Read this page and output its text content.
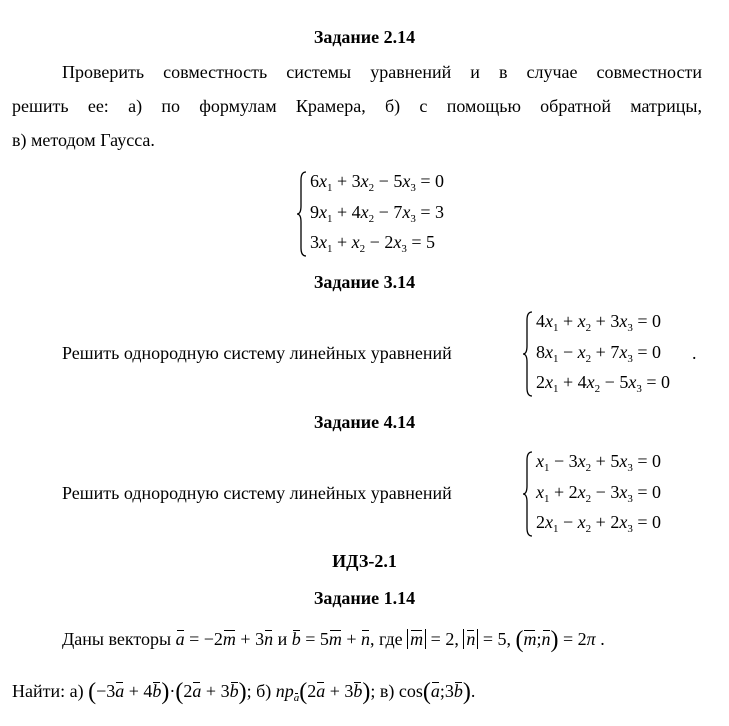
Задание 2.14
Проверить совместность системы уравнений и в случае совместности
решить ее: а) по формулам Крамера, б) с помощью обратной матрицы,
в) методом Гаусса.
$6x_1 + 3x_2 - 5x_3 = 0$
$9x_1 + 4x_2 - 7x_3 = 3$
$3x_1 + x_2 - 2x_3 = 5$
Задание 3.14
Решить однородную систему линейных уравнений
$4x_1 + x_2 + 3x_3 = 0$
$8x_1 - x_2 + 7x_3 = 0$
$2x_1 + 4x_2 - 5x_3 = 0$
.
Задание 4.14
Решить однородную систему линейных уравнений
$x_1 - 3x_2 + 5x_3 = 0$
$x_1 + 2x_2 - 3x_3 = 0$
$2x_1 - x_2 + 2x_3 = 0$
ИДЗ-2.1
Задание 1.14
Даны векторы a = −2m + 3n и b = 5m + n, где m = 2, n = 5, (m;n) = 2π .
Найти: а) (−3a + 4b)·(2a + 3b); б) $пр_a(2a + 3b)$; в) cos(a;3b).
